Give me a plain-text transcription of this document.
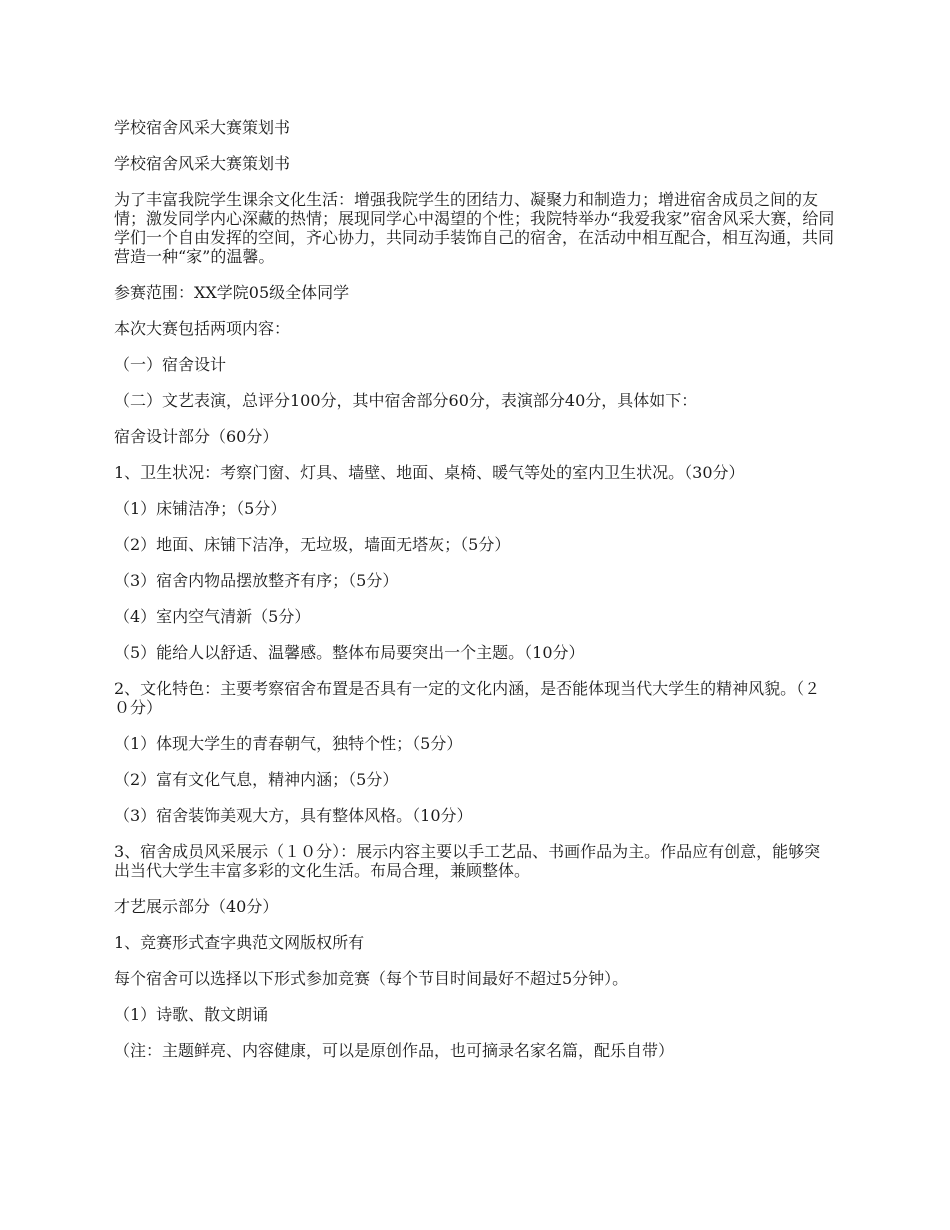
学校宿舍风采大赛策划书
学校宿舍风采大赛策划书
为了丰富我院学生课余文化生活：增强我院学生的团结力、凝聚力和制造力；增进宿舍成员之间的友情；激发同学内心深藏的热情；展现同学心中渴望的个性；我院特举办“我爱我家”宿舍风采大赛，给同学们一个自由发挥的空间，齐心协力，共同动手装饰自己的宿舍，在活动中相互配合，相互沟通，共同营造一种“家”的温馨。
参赛范围：XX学院05级全体同学
本次大赛包括两项内容：
（一）宿舍设计
（二）文艺表演，总评分100分，其中宿舍部分60分，表演部分40分，具体如下：
宿舍设计部分（60分）
1、卫生状况：考察门窗、灯具、墙壁、地面、桌椅、暖气等处的室内卫生状况。（30分）
（1）床铺洁净；（5分）
（2）地面、床铺下洁净，无垃圾，墙面无塔灰；（5分）
（3）宿舍内物品摆放整齐有序；（5分）
（4）室内空气清新（5分）
（5）能给人以舒适、温馨感。整体布局要突出一个主题。（10分）
2、文化特色：主要考察宿舍布置是否具有一定的文化内涵，是否能体现当代大学生的精神风貌。（２０分）
（1）体现大学生的青春朝气，独特个性；（5分）
（2）富有文化气息，精神内涵；（5分）
（3）宿舍装饰美观大方，具有整体风格。（10分）
3、宿舍成员风采展示（１０分）：展示内容主要以手工艺品、书画作品为主。作品应有创意，能够突出当代大学生丰富多彩的文化生活。布局合理，兼顾整体。
才艺展示部分（40分）
1、竞赛形式查字典范文网版权所有
每个宿舍可以选择以下形式参加竞赛（每个节目时间最好不超过5分钟）。
（1）诗歌、散文朗诵
（注：主题鲜亮、内容健康，可以是原创作品，也可摘录名家名篇，配乐自带）
